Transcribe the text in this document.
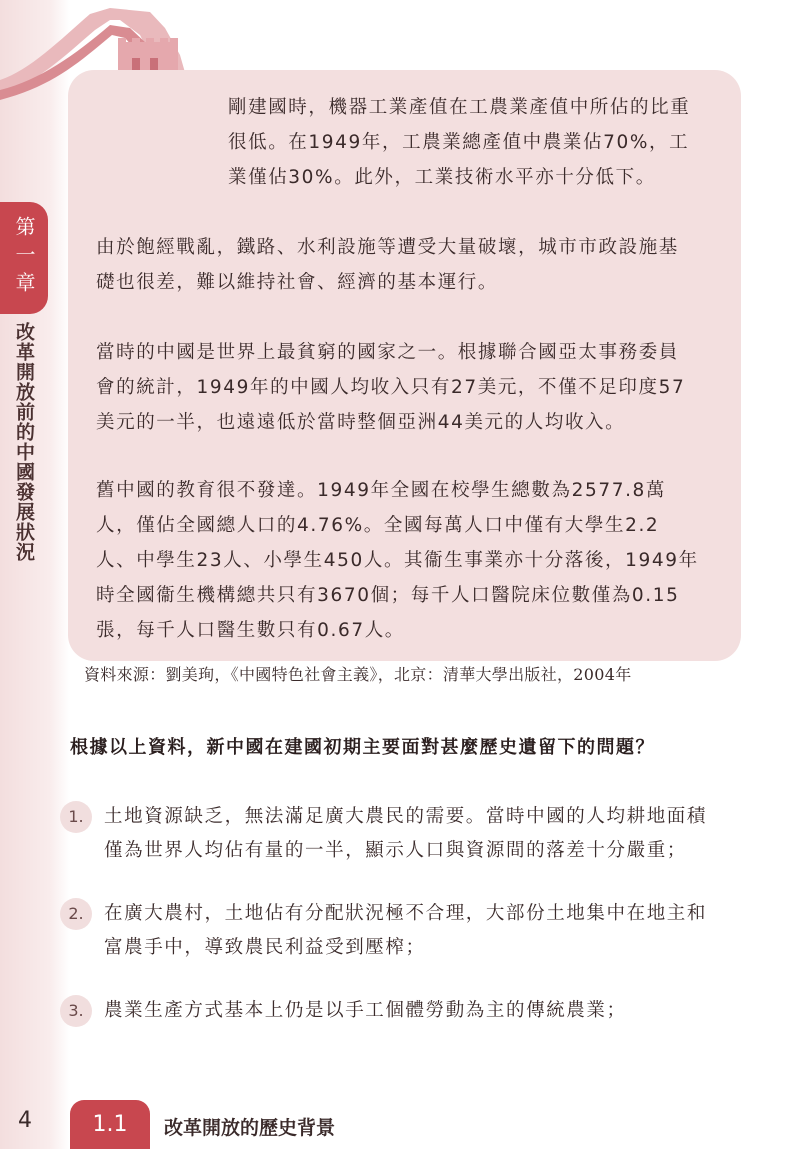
第一章
改革開放前的中國發展狀況

剛建國時，機器工業產值在工農業產值中所佔的比重

很低。在1949年，工農業總產值中農業佔70%，工

業僅佔30%。此外，工業技術水平亦十分低下。

由於飽經戰亂，鐵路、水利設施等遭受大量破壞，城市市政設施基

礎也很差，難以維持社會、經濟的基本運行。

當時的中國是世界上最貧窮的國家之一。根據聯合國亞太事務委員

會的統計，1949年的中國人均收入只有27美元，不僅不足印度57

美元的一半，也遠遠低於當時整個亞洲44美元的人均收入。

舊中國的教育很不發達。1949年全國在校學生總數為2577.8萬

人，僅佔全國總人口的4.76%。全國每萬人口中僅有大學生2.2

人、中學生23人、小學生450人。其衞生事業亦十分落後，1949年

時全國衞生機構總共只有3670個；每千人口醫院床位數僅為0.15

張，每千人口醫生數只有0.67人。

資料來源：劉美珣，《中國特色社會主義》，北京：清華大學出版社，2004年
根據以上資料，新中國在建國初期主要面對甚麼歷史遺留下的問題？
1.	土地資源缺乏，無法滿足廣大農民的需要。當時中國的人均耕地面積

僅為世界人均佔有量的一半，顯示人口與資源間的落差十分嚴重；

2.	在廣大農村，土地佔有分配狀況極不合理，大部份土地集中在地主和

富農手中，導致農民利益受到壓榨；

3.	農業生產方式基本上仍是以手工個體勞動為主的傳統農業；

4	1.1	改革開放的歷史背景
